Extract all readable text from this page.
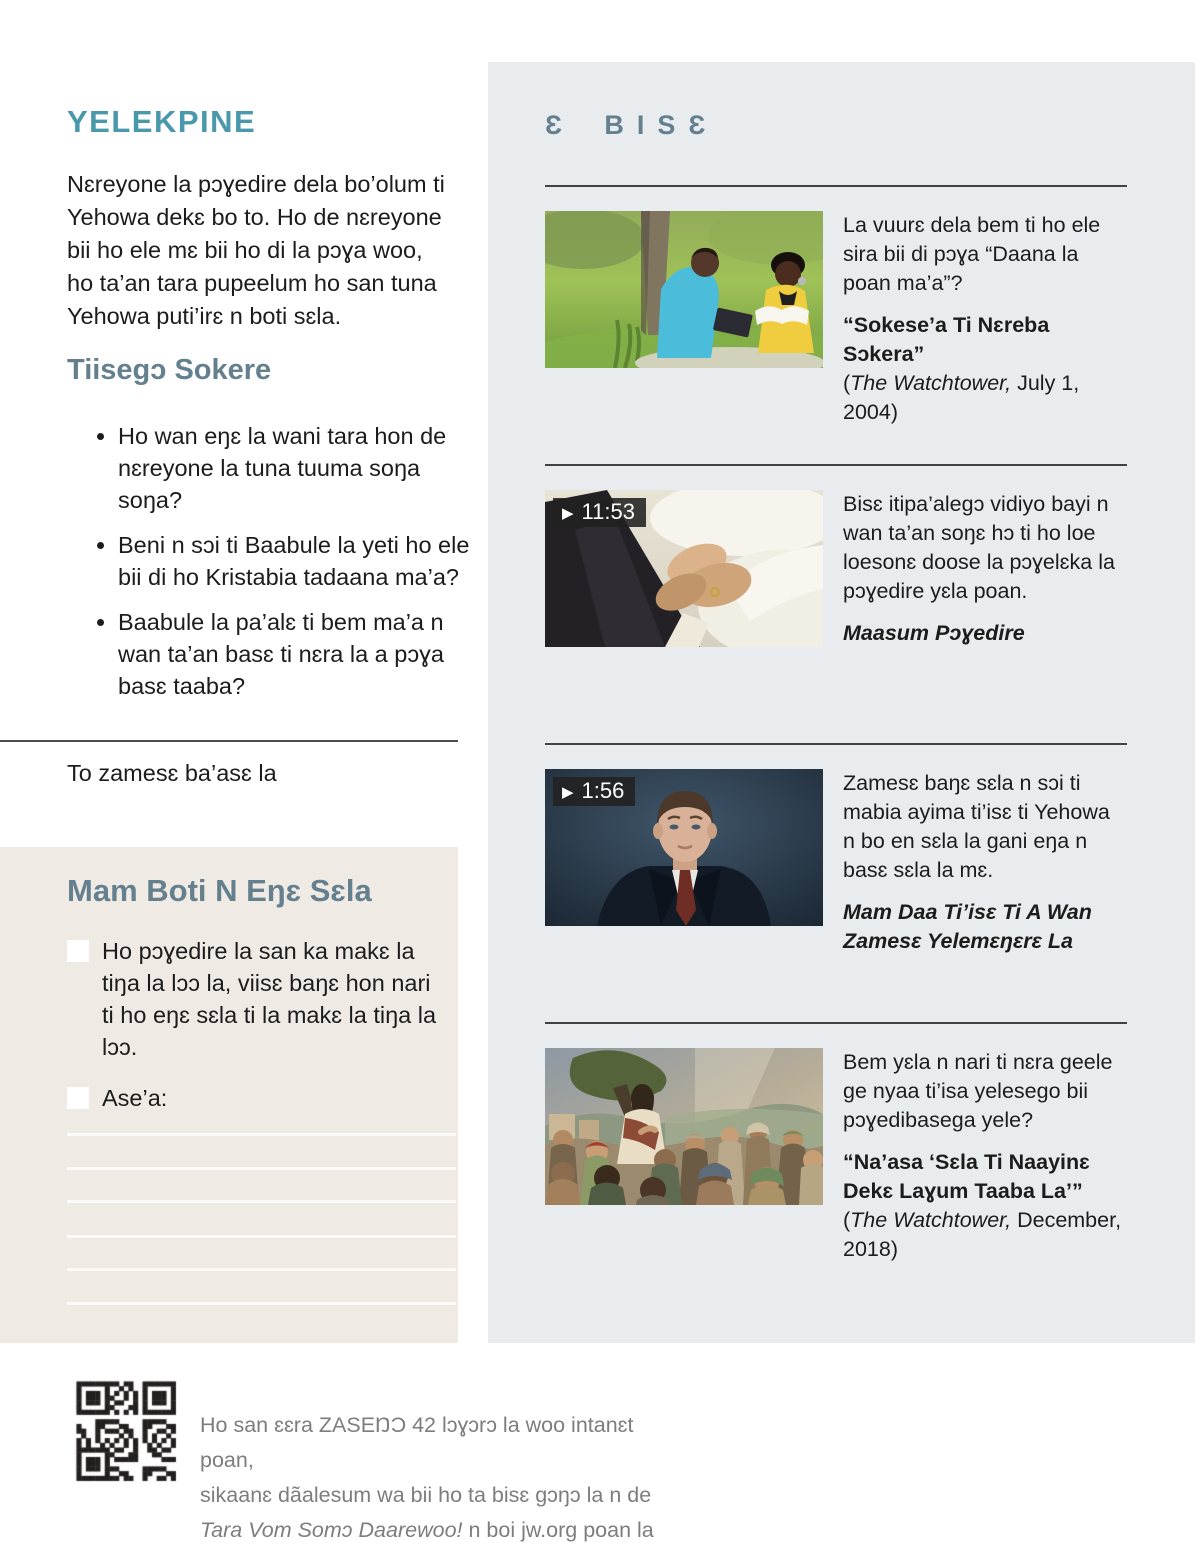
YELEKPINE

Nɛreyone la pɔɣedire dela bo’olum ti Yehowa dekɛ bo to. Ho de nɛreyone bii ho ele mɛ bii ho di la pɔɣa woo, ho ta’an tara pupeelum ho san tuna Yehowa puti’irɛ n boti sɛla.

Tiisegɔ Sokere
• Ho wan eŋɛ la wani tara hon de nɛreyone la tuna tuuma soŋa soŋa?
• Beni n sɔi ti Baabule la yeti ho ele bii di ho Kristabia tadaana ma’a?
• Baabule la pa’alɛ ti bem ma’a n wan ta’an basɛ ti nɛra la a pɔɣa basɛ taaba?

To zamesɛ ba’asɛ la

Mam Boti N Eŋɛ Sɛla
Ho pɔɣedire la san ka makɛ la tiŋa la lɔɔ la, viisɛ baŋɛ hon nari ti ho eŋɛ sɛla ti la makɛ la tiŋa la lɔɔ.
Ase’a:
Ɛ BISƐ

La vuurɛ dela bem ti ho ele sira bii di pɔɣa “Daana la poan ma’a”?

“Sokese’a Ti Nɛreba Sɔkera”
(The Watchtower, July 1, 2004)

▶ 11:53	Bisɛ itipa’alegɔ vidiyo bayi n wan ta’an soŋɛ hɔ ti ho loe loesonɛ doose la pɔɣelɛka la pɔɣedire yɛla poan.

Maasum Pɔɣedire

▶ 1:56	Zamesɛ baŋɛ sɛla n sɔi ti mabia ayima ti’isɛ ti Yehowa n bo en sɛla la gani eŋa n basɛ sɛla la mɛ.

Mam Daa Ti’isɛ Ti A Wan Zamesɛ Yelemɛŋɛrɛ La

Bem yɛla n nari ti nɛra geele ge nyaa ti’isa yelesego bii pɔɣedibasega yele?

“Na’asa ‘Sɛla Ti Naayinɛ Dekɛ Laɣum Taaba La’” (The Watchtower, December, 2018)

Ho san ɛɛra ZASEŊƆ 42 lɔɣɔrɔ la woo intanɛt poan,
sikaanɛ dãalesum wa bii ho ta bisɛ gɔŋɔ la n de
Tara Vom Somɔ Daarewoo! n boi jw.org poan la
